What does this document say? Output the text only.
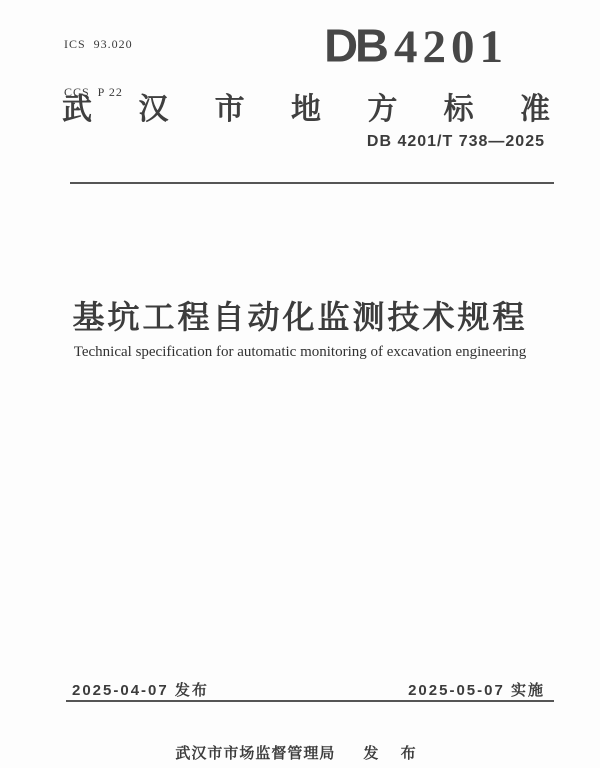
ICS  93.020

CCS  P 22

DB 4201
武 汉 市 地 方 标 准
DB 4201/T 738—2025
基坑工程自动化监测技术规程
Technical specification for automatic monitoring of excavation engineering
2025-04-07 发布	2025-05-07 实施
武汉市市场监督管理局 发 布
